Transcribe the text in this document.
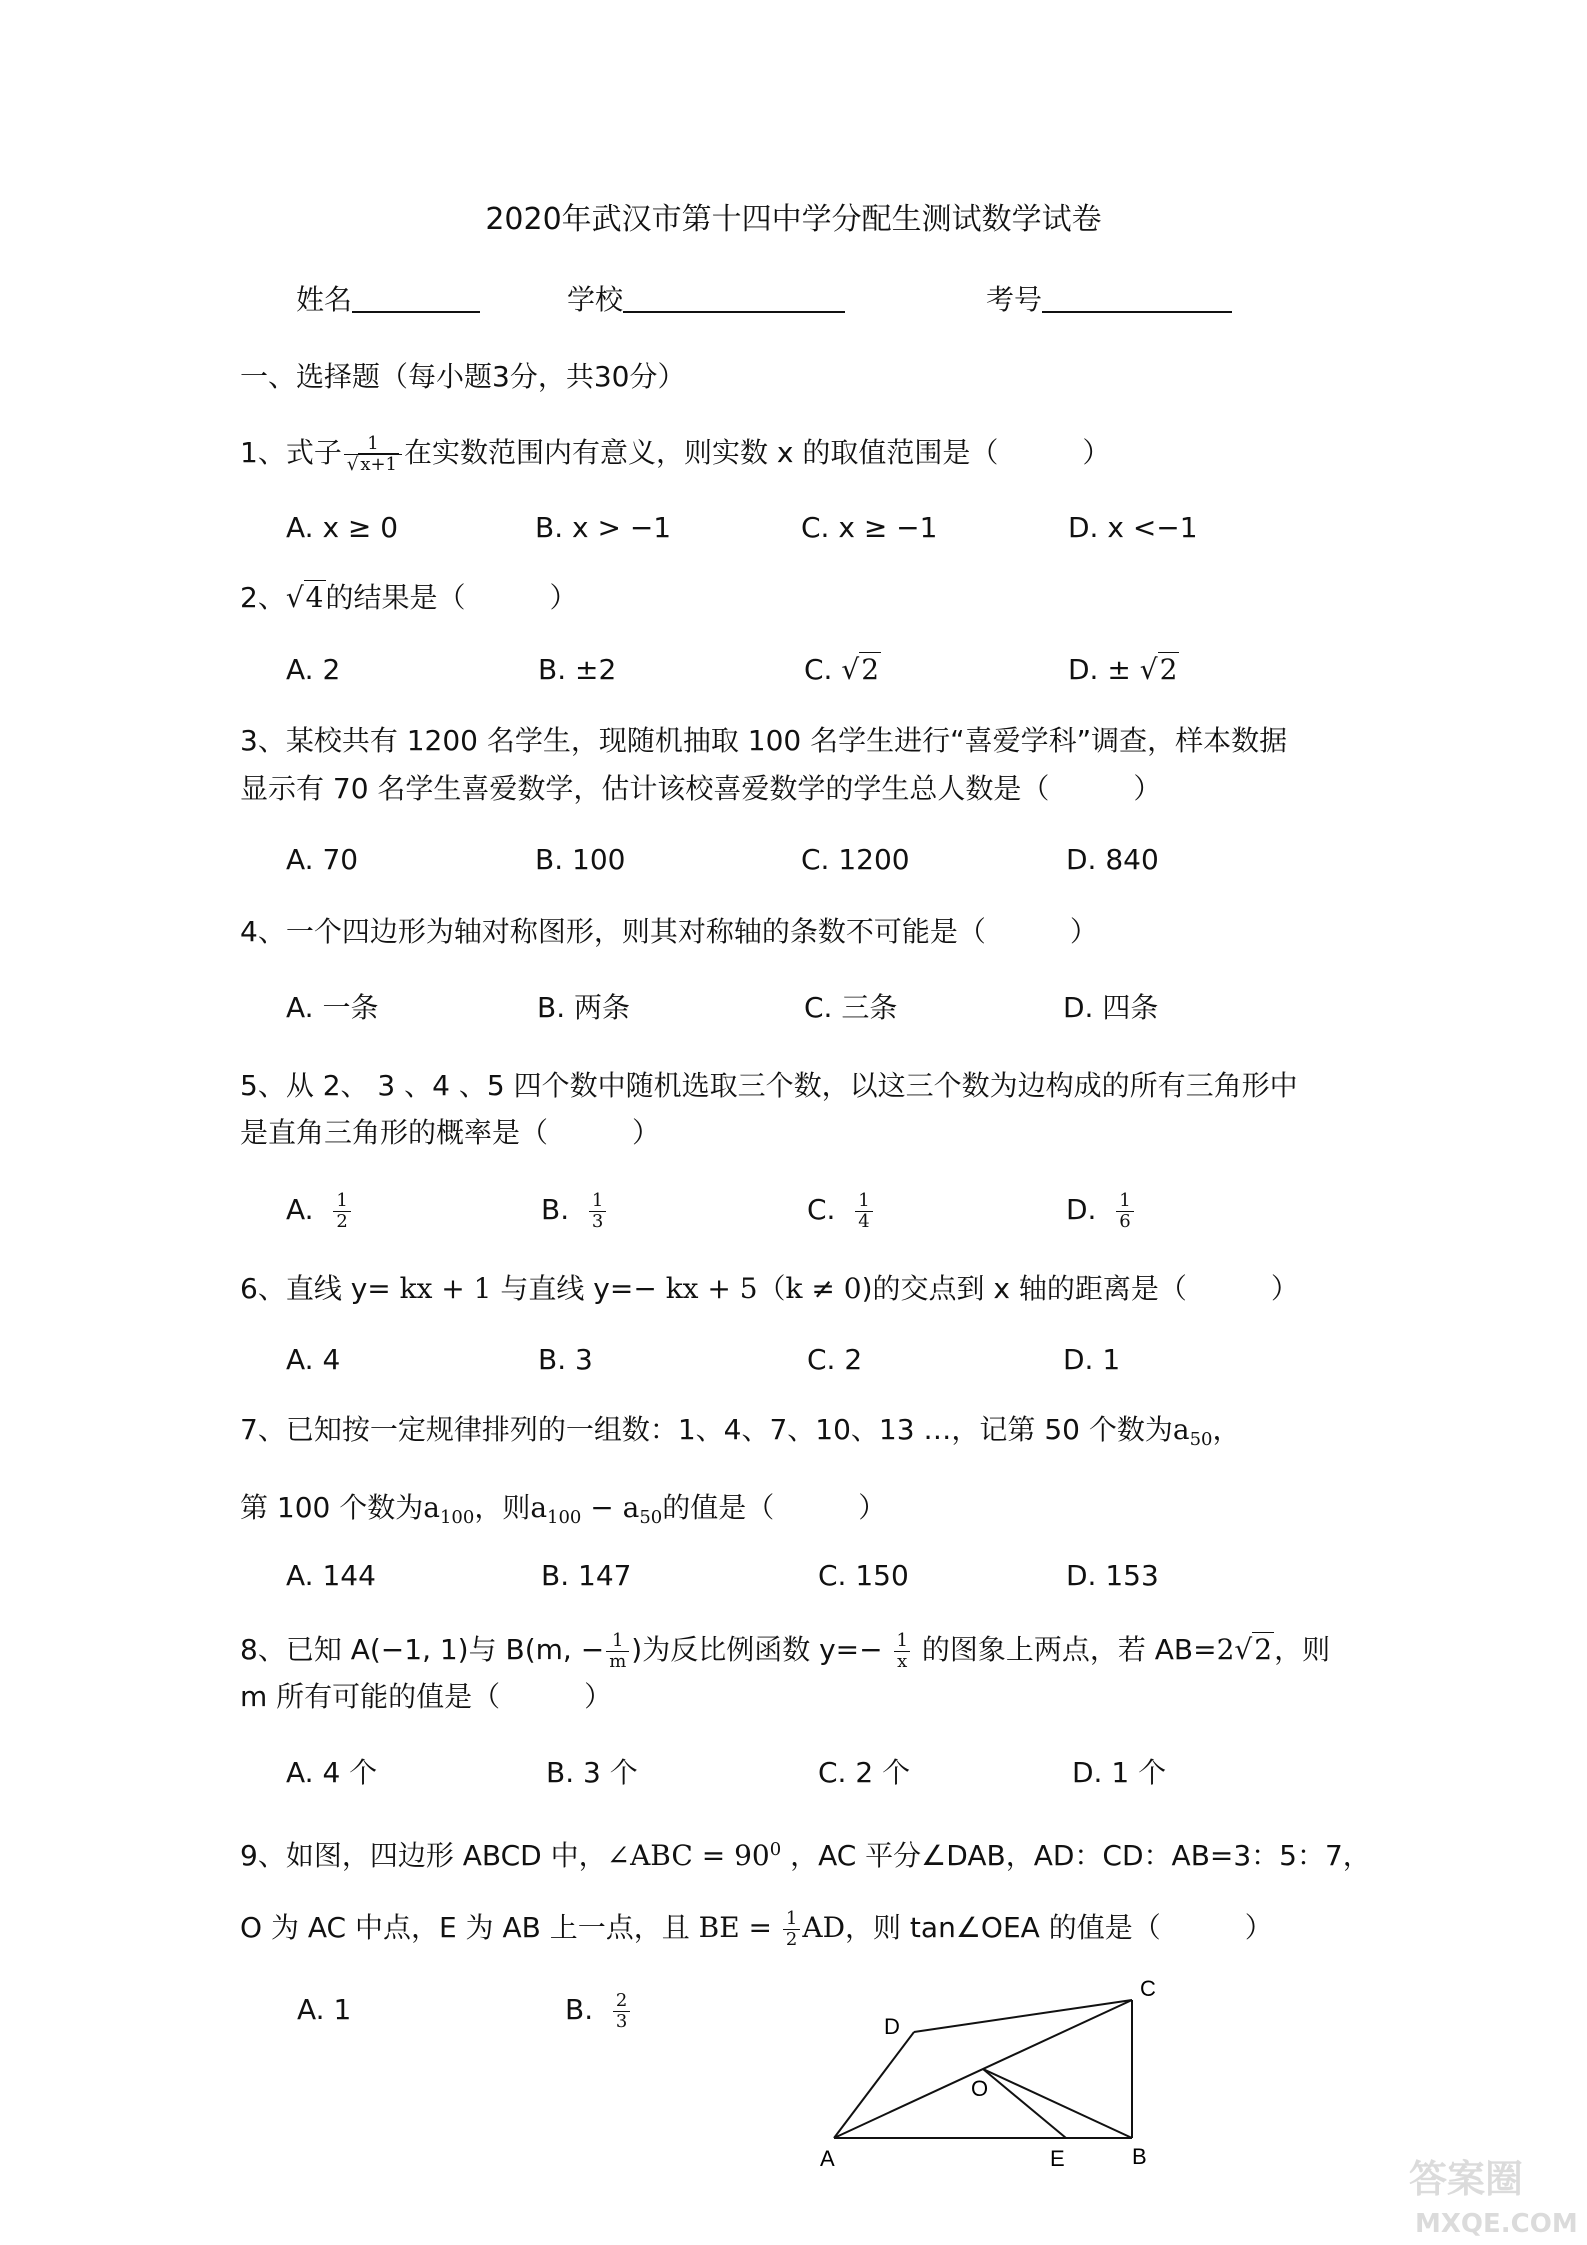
2020年武汉市第十四中学分配生测试数学试卷
姓名	学校	考号
一、选择题（每小题3分，共30分）
1、式子 $\frac{1}{√ x+1}$ 在实数范围内有意义，则实数 x 的取值范围是（　　　）
A. x ≥ 0	B. x > −1	C. x ≥ −1	D. x <−1
2、√4的结果是（　　　）
A. 2	B. ±2	C. √2	D. ± √2
3、某校共有 1200 名学生，现随机抽取 100 名学生进行“喜爱学科”调查，样本数据
显示有 70 名学生喜爱数学，估计该校喜爱数学的学生总人数是（　　　）
A. 70	B. 100	C. 1200	D. 840
4、一个四边形为轴对称图形，则其对称轴的条数不可能是（　　　）
A. 一条	B. 两条	C. 三条	D. 四条
5、从 2、 3 、4 、5 四个数中随机选取三个数，以这三个数为边构成的所有三角形中
是直角三角形的概率是（　　　）
A. $\frac{1}{2}$	B. $\frac{1}{3}$	C. $\frac{1}{4}$	D. $\frac{1}{6}$
6、直线 y= kx + 1 与直线 y=− kx + 5（k ≠ 0)的交点到 x 轴的距离是（　　　）
A. 4	B. 3	C. 2	D. 1
7、已知按一定规律排列的一组数：1、4、7、10、13 …，记第 50 个数为$a_{50}$，
第 100 个数为$a_{100}$，则$a_{100} - a_{50}$的值是（　　　）
A. 144	B. 147	C. 150	D. 153
8、已知 A(−1, 1)与 B(m, − $\frac{1}{m}$ )为反比例函数 $y=- \frac{1}{x}$ 的图象上两点，若 AB=2√2，则
m 所有可能的值是（　　　）
A. 4 个	B. 3 个	C. 2 个	D. 1 个
9、如图，四边形 ABCD 中，∠ABC = $90^0$ ，AC 平分∠DAB，AD：CD：AB=3：5：7，
O 为 AC 中点，E 为 AB 上一点，且 BE = $\frac{1}{2}$ AD，则 tan∠OEA 的值是（　　　）
A. 1	B. $\frac{2}{3}$
A	B
C
D
E
O
答案圈
MXQE.COM
